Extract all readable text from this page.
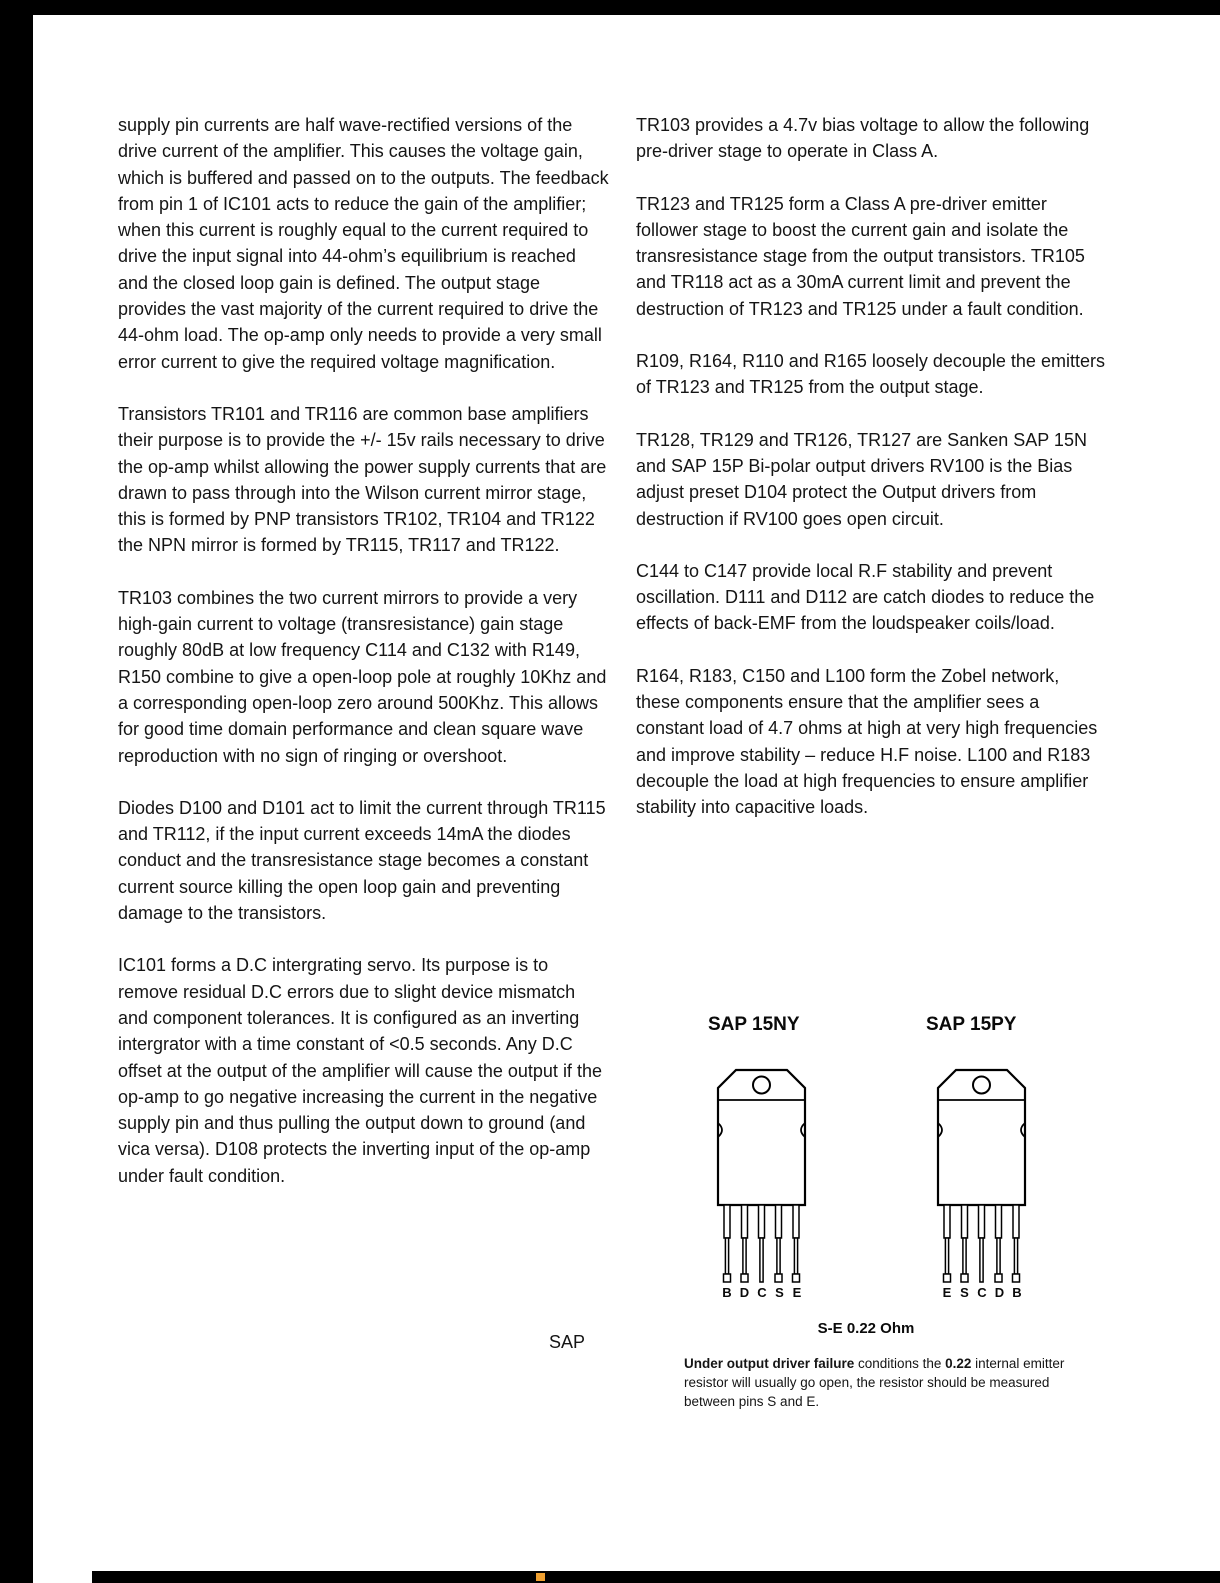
supply pin currents are half wave-rectified versions of the drive current of the amplifier. This causes the voltage gain, which is buffered and passed on to the outputs. The feedback from pin 1 of IC101 acts to reduce the gain of the amplifier; when this current is roughly equal to the current required to drive the input signal into 44-ohm’s equilibrium is reached and the closed loop gain is defined. The output stage provides the vast majority of the current required to drive the 44-ohm load. The op-amp only needs to provide a very small error current to give the required voltage magnification.

Transistors TR101 and TR116 are common base amplifiers their purpose is to provide the +/- 15v rails necessary to drive the op-amp whilst allowing the power supply currents that are drawn to pass through into the Wilson current mirror stage, this is formed by PNP transistors TR102, TR104 and TR122 the NPN mirror is formed by TR115, TR117 and TR122.

TR103 combines the two current mirrors to provide a very high-gain current to voltage (transresistance) gain stage roughly 80dB at low frequency C114 and C132 with R149, R150 combine to give a open-loop pole at roughly 10Khz and a corresponding open-loop zero around 500Khz. This allows for good time domain performance and clean square wave reproduction with no sign of ringing or overshoot.

Diodes D100 and D101 act to limit the current through TR115 and TR112, if the input current exceeds 14mA the diodes conduct and the transresistance stage becomes a constant current source killing the open loop gain and preventing damage to the transistors.

IC101 forms a D.C intergrating servo. Its purpose is to remove residual D.C errors due to slight device mismatch and component tolerances. It is configured as an inverting intergrator with a time constant of <0.5 seconds. Any D.C offset at the output of the amplifier will cause the output if the op-amp to go negative increasing the current in the negative supply pin and thus pulling the output down to ground (and vica versa). D108 protects the inverting input of the op-amp under fault condition.

TR103 provides a 4.7v bias voltage to allow the following pre-driver stage to operate in Class A.

TR123 and TR125 form a Class A pre-driver emitter follower stage to boost the current gain and isolate the transresistance stage from the output transistors. TR105 and TR118 act as a 30mA current limit and prevent the destruction of TR123 and TR125 under a fault condition.

R109, R164, R110 and R165 loosely decouple the emitters of TR123 and TR125 from the output stage.

TR128, TR129 and TR126, TR127 are Sanken SAP 15N and SAP 15P Bi-polar output drivers RV100 is the Bias adjust preset D104 protect the Output drivers from destruction if RV100 goes open circuit.

C144 to C147 provide local R.F stability and prevent oscillation. D111 and D112 are catch diodes to reduce the effects of back-EMF from the loudspeaker coils/load.

R164, R183, C150 and L100 form the Zobel network, these components ensure that the amplifier sees a constant load of 4.7 ohms at high at very high frequencies and improve stability – reduce H.F noise. L100 and R183 decouple the load at high frequencies to ensure amplifier stability into capacitive loads.

SAP
SAP 15NY	SAP 15PY
B D C S E	E S C D B
S-E 0.22 Ohm

Under output driver failure conditions the 0.22 internal emitter resistor will usually go open, the resistor should be measured between pins S and E.
